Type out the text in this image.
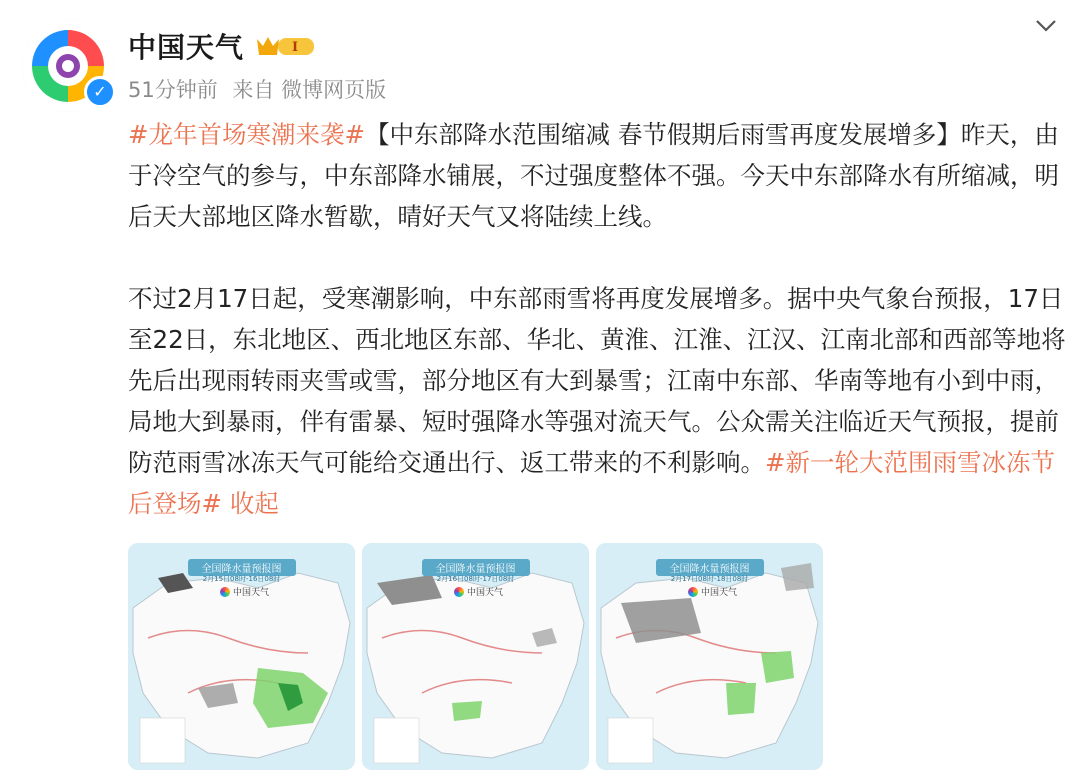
✓
中国天气	I
51分钟前 来自 微博网页版

#龙年首场寒潮来袭#【中东部降水范围缩减 春节假期后雨雪再度发展增多】昨天，由于冷空气的参与，中东部降水铺展，不过强度整体不强。今天中东部降水有所缩减，明后天大部地区降水暂歇，晴好天气又将陆续上线。

不过2月17日起，受寒潮影响，中东部雨雪将再度发展增多。据中央气象台预报，17日至22日，东北地区、西北地区东部、华北、黄淮、江淮、江汉、江南北部和西部等地将先后出现雨转雨夹雪或雪，部分地区有大到暴雪；江南中东部、华南等地有小到中雨，局地大到暴雨，伴有雷暴、短时强降水等强对流天气。公众需关注临近天气预报，提前防范雨雪冰冻天气可能给交通出行、返工带来的不利影响。#新一轮大范围雨雪冰冻节后登场# 收起

全国降水量预报图
2月15日08时-16日08时
中国天气
全国降水量预报图
2月16日08时-17日08时
中国天气
全国降水量预报图
2月17日08时-18日08时
中国天气
